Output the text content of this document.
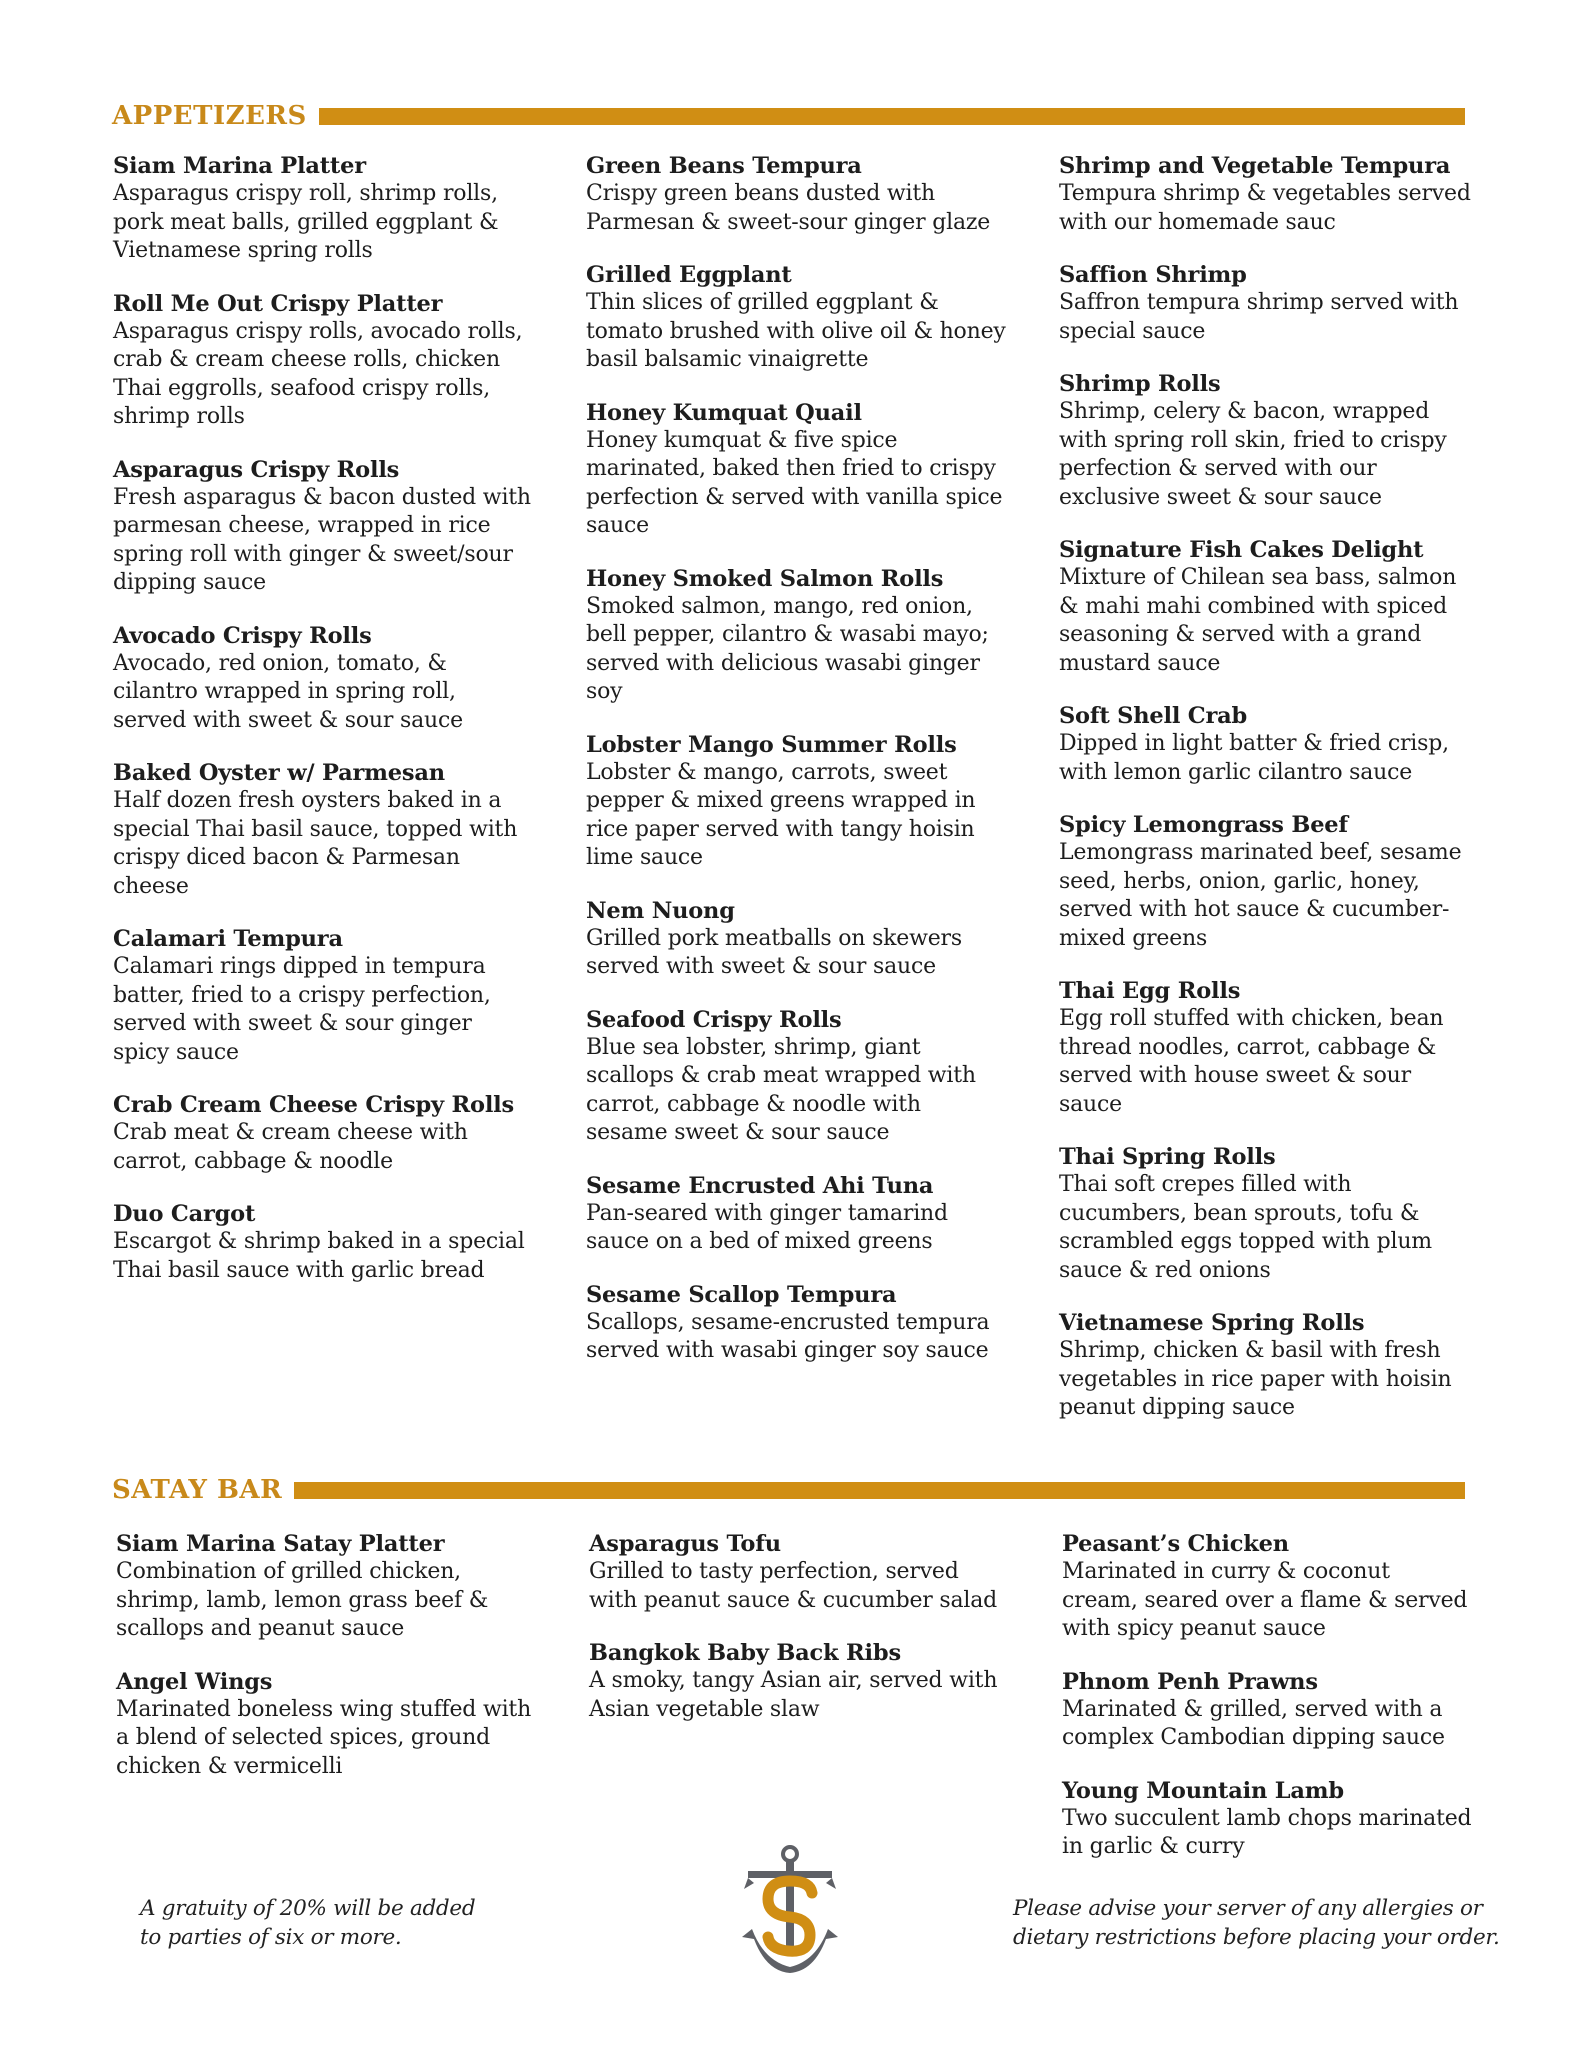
APPETIZERS
Siam Marina Platter
Asparagus crispy roll, shrimp rolls, pork meat balls, grilled eggplant & Vietnamese spring rolls
Roll Me Out Crispy Platter
Asparagus crispy rolls, avocado rolls, crab & cream cheese rolls, chicken Thai eggrolls, seafood crispy rolls, shrimp rolls
Asparagus Crispy Rolls
Fresh asparagus & bacon dusted with parmesan cheese, wrapped in rice spring roll with ginger & sweet/sour dipping sauce
Avocado Crispy Rolls
Avocado, red onion, tomato, & cilantro wrapped in spring roll, served with sweet & sour sauce
Baked Oyster w/ Parmesan
Half dozen fresh oysters baked in a special Thai basil sauce, topped with crispy diced bacon & Parmesan cheese
Calamari Tempura
Calamari rings dipped in tempura batter, fried to a crispy perfection, served with sweet & sour ginger spicy sauce
Crab Cream Cheese Crispy Rolls
Crab meat & cream cheese with carrot, cabbage & noodle
Duo Cargot
Escargot & shrimp baked in a special Thai basil sauce with garlic bread
Green Beans Tempura
Crispy green beans dusted with Parmesan & sweet-sour ginger glaze
Grilled Eggplant
Thin slices of grilled eggplant & tomato brushed with olive oil & honey basil balsamic vinaigrette
Honey Kumquat Quail
Honey kumquat & five spice marinated, baked then fried to crispy perfection & served with vanilla spice sauce
Honey Smoked Salmon Rolls
Smoked salmon, mango, red onion, bell pepper, cilantro & wasabi mayo; served with delicious wasabi ginger soy
Lobster Mango Summer Rolls
Lobster & mango, carrots, sweet pepper & mixed greens wrapped in rice paper served with tangy hoisin lime sauce
Nem Nuong
Grilled pork meatballs on skewers served with sweet & sour sauce
Seafood Crispy Rolls
Blue sea lobster, shrimp, giant scallops & crab meat wrapped with carrot, cabbage & noodle with sesame sweet & sour sauce
Sesame Encrusted Ahi Tuna
Pan-seared with ginger tamarind sauce on a bed of mixed greens
Sesame Scallop Tempura
Scallops, sesame-encrusted tempura served with wasabi ginger soy sauce
Shrimp and Vegetable Tempura
Tempura shrimp & vegetables served with our homemade sauc
Saffion Shrimp
Saffron tempura shrimp served with special sauce
Shrimp Rolls
Shrimp, celery & bacon, wrapped with spring roll skin, fried to crispy perfection & served with our exclusive sweet & sour sauce
Signature Fish Cakes Delight
Mixture of Chilean sea bass, salmon & mahi mahi combined with spiced seasoning & served with a grand mustard sauce
Soft Shell Crab
Dipped in light batter & fried crisp, with lemon garlic cilantro sauce
Spicy Lemongrass Beef
Lemongrass marinated beef, sesame seed, herbs, onion, garlic, honey, served with hot sauce & cucumber-mixed greens
Thai Egg Rolls
Egg roll stuffed with chicken, bean thread noodles, carrot, cabbage & served with house sweet & sour sauce
Thai Spring Rolls
Thai soft crepes filled with cucumbers, bean sprouts, tofu & scrambled eggs topped with plum sauce & red onions
Vietnamese Spring Rolls
Shrimp, chicken & basil with fresh vegetables in rice paper with hoisin peanut dipping sauce
SATAY BAR
Siam Marina Satay Platter
Combination of grilled chicken, shrimp, lamb, lemon grass beef & scallops and peanut sauce
Angel Wings
Marinated boneless wing stuffed with a blend of selected spices, ground chicken & vermicelli
Asparagus Tofu
Grilled to tasty perfection, served with peanut sauce & cucumber salad
Bangkok Baby Back Ribs
A smoky, tangy Asian air, served with Asian vegetable slaw
Peasant’s Chicken
Marinated in curry & coconut cream, seared over a flame & served with spicy peanut sauce
Phnom Penh Prawns
Marinated & grilled, served with a complex Cambodian dipping sauce
Young Mountain Lamb
Two succulent lamb chops marinated in garlic & curry
A gratuity of 20% will be added
to parties of six or more.
Please advise your server of any allergies or
dietary restrictions before placing your order.
